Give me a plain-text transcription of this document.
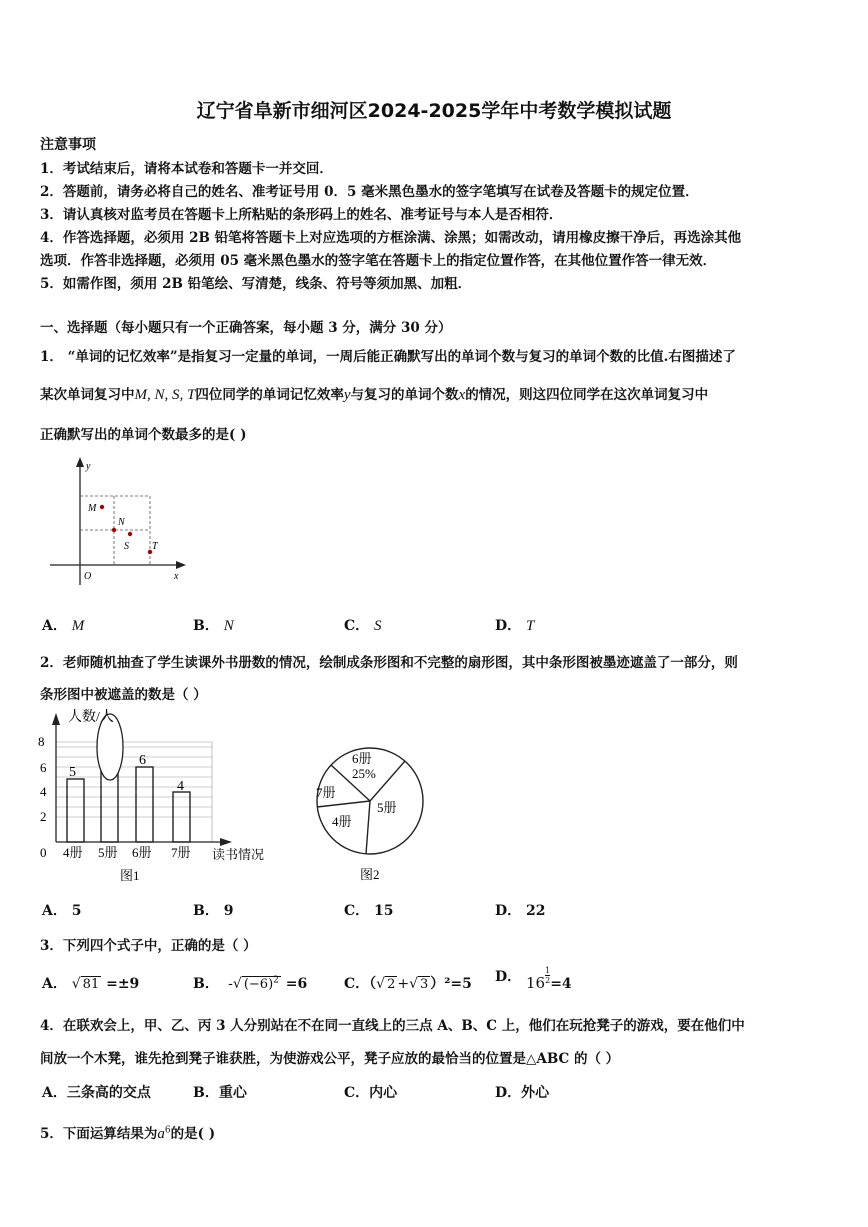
辽宁省阜新市细河区2024-2025学年中考数学模拟试题
注意事项
1．考试结束后，请将本试卷和答题卡一并交回．
2．答题前，请务必将自己的姓名、准考证号用 0．5 毫米黑色墨水的签字笔填写在试卷及答题卡的规定位置．
3．请认真核对监考员在答题卡上所粘贴的条形码上的姓名、准考证号与本人是否相符．
4．作答选择题，必须用 2B 铅笔将答题卡上对应选项的方框涂满、涂黑；如需改动，请用橡皮擦干净后，再选涂其他
选项．作答非选择题，必须用 05 毫米黑色墨水的签字笔在答题卡上的指定位置作答，在其他位置作答一律无效．
5．如需作图，须用 2B 铅笔绘、写清楚，线条、符号等须加黑、加粗．
一、选择题（每小题只有一个正确答案，每小题 3 分，满分 30 分）
1． “单词的记忆效率”是指复习一定量的单词，一周后能正确默写出的单词个数与复习的单词个数的比值.右图描述了
某次单词复习中M, N, S, T四位同学的单词记忆效率y与复习的单词个数x的情况，则这四位同学在这次单词复习中
正确默写出的单词个数最多的是( )
y
x
O
M
N
S T
A． M	B． N	C． S	D． T
2．老师随机抽查了学生读课外书册数的情况，绘制成条形图和不完整的扇形图，其中条形图被墨迹遮盖了一部分，则
条形图中被遮盖的数是（ ）
人数/人
8
6
4
2
0
5
6
4
4册 5册 6册 7册 读书情况
图1
6册
25%
7册
4册
5册
图2
A． 5	B． 9	C． 15	D． 22
3．下列四个式子中，正确的是（ ）
A． √ 81 =±9	B． -√ $(-6)^2 =6$	C．（√ 2 +√ 3 ）²=5 D． $16\frac{1}{2}=4$
4．在联欢会上，甲、乙、丙 3 人分别站在不在同一直线上的三点 A、B、C 上，他们在玩抢凳子的游戏，要在他们中
间放一个木凳，谁先抢到凳子谁获胜，为使游戏公平，凳子应放的最恰当的位置是△ABC 的（ ）
A．三条高的交点	B．重心	C．内心	D．外心
5．下面运算结果为$a^6$的是( )
